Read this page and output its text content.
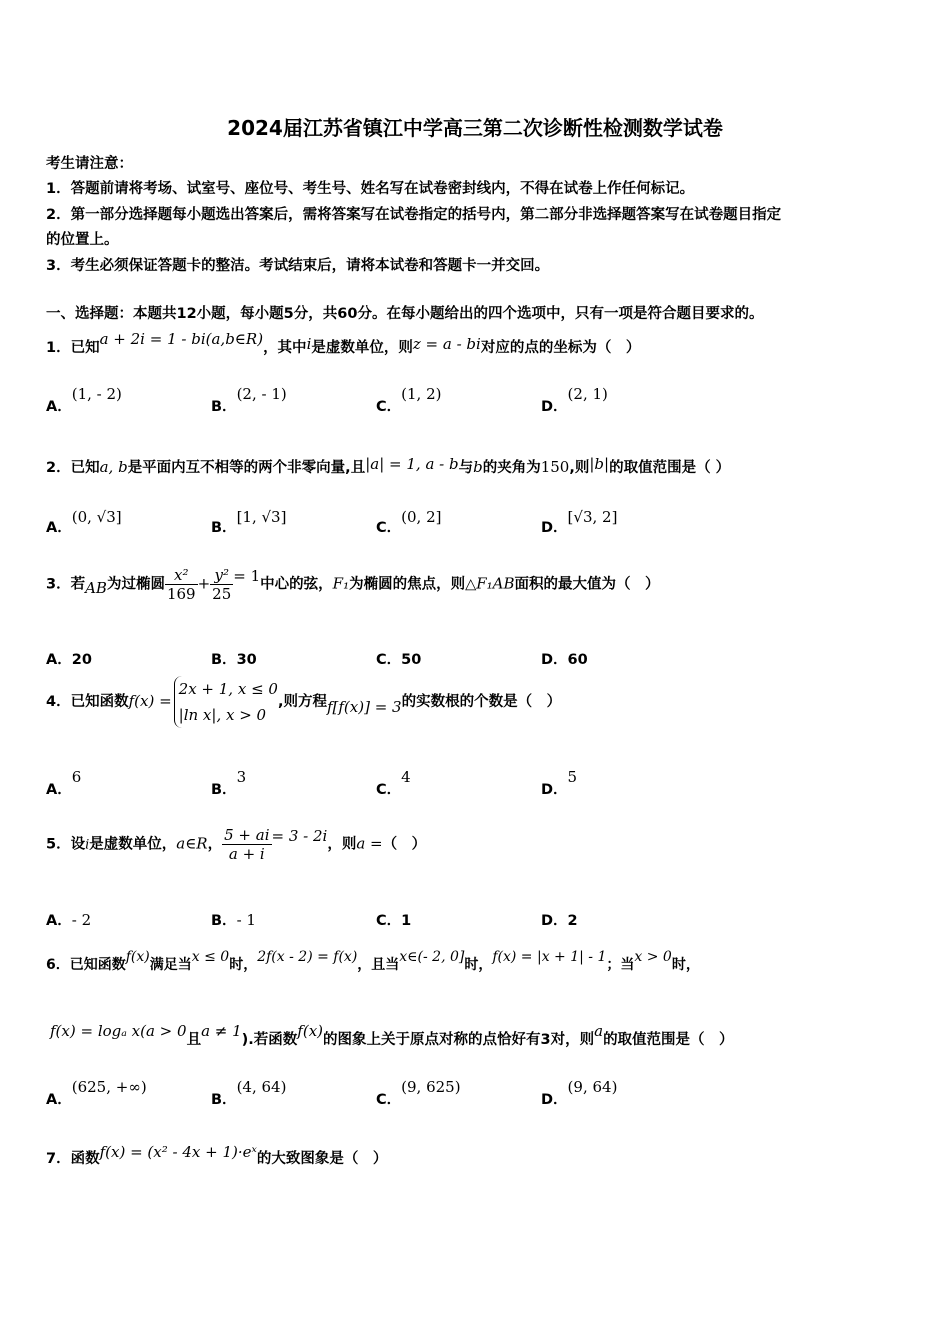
2024届江苏省镇江中学高三第二次诊断性检测数学试卷
考生请注意：
1．答题前请将考场、试室号、座位号、考生号、姓名写在试卷密封线内，不得在试卷上作任何标记。
2．第一部分选择题每小题选出答案后，需将答案写在试卷指定的括号内，第二部分非选择题答案写在试卷题目指定
的位置上。
3．考生必须保证答题卡的整洁。考试结束后，请将本试卷和答题卡一并交回。
一、选择题：本题共12小题，每小题5分，共60分。在每小题给出的四个选项中，只有一项是符合题目要求的。
1．已知a + 2i = 1 - bi(a,b∈R)，其中i是虚数单位，则z = a - bi对应的点的坐标为（　）
A．(1, - 2)
B．(2, - 1)
C．(1, 2)
D．(2, 1)
2．已知a, b是平面内互不相等的两个非零向量,且|a| = 1, a - b与b的夹角为150,则|b|的取值范围是（ ）
A．(0, √3]
B．[1, √3]
C．(0, 2]
D．[√3, 2]
3．若AB为过椭圆 $\frac{\text{x²}}{169} + \frac{\text{y²}}{25} = 1$中心的弦，F₁为椭圆的焦点，则△F₁AB面积的最大值为（　）
A．20	B．30	C．50	D．60
4．已知函数f(x) =
2x + 1, x ≤ 0
|ln x|, x > 0
,则方程f[f(x)] = 3的实数根的个数是（　）
A．6
B．3
C．4
D．5
5．设i是虚数单位，a∈R， $\frac{5 + ai}{a + i} = 3 - 2i$，则a =（　）
A．- 2	B．- 1	C．1	D．2
6．已知函数f(x)满足当x ≤ 0时，2f(x - 2) = f(x)，且当x∈(- 2, 0]时，f(x) = |x + 1| - 1；当x > 0时，
f(x) = logₐ x(a > 0且a ≠ 1).若函数f(x)的图象上关于原点对称的点恰好有3对，则a的取值范围是（　）
A．(625, +∞)
B．(4, 64)
C．(9, 625)
D．(9, 64)
7．函数f(x) = (x² - 4x + 1)·eˣ的大致图象是（　）
